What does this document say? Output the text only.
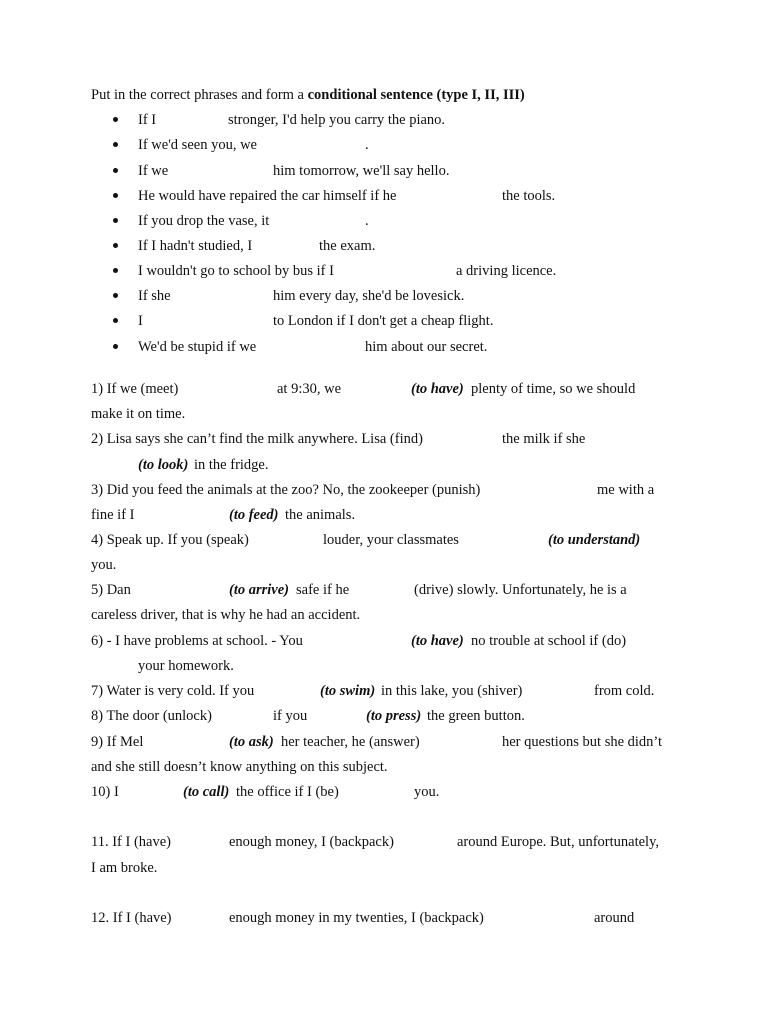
Put in the correct phrases and form a conditional sentence (type I, II, III)
If I	stronger, I'd help you carry the piano.
If we'd seen you, we	.
If we	him tomorrow, we'll say hello.
He would have repaired the car himself if he	the tools.
If you drop the vase, it	.
If I hadn't studied, I	the exam.
I wouldn't go to school by bus if I	a driving licence.
If she	him every day, she'd be lovesick.
I	to London if I don't get a cheap flight.
We'd be stupid if we	him about our secret.
1) If we (meet)	at 9:30, we	(to have) plenty of time, so we should
make it on time.
2) Lisa says she can’t find the milk anywhere. Lisa (find)	the milk if she
(to look) in the fridge.
3) Did you feed the animals at the zoo? No, the zookeeper (punish)	me with a
fine if I	(to feed) the animals.
4) Speak up. If you (speak)	louder, your classmates	(to understand)
you.
5) Dan	(to arrive) safe if he	(drive) slowly. Unfortunately, he is a
careless driver, that is why he had an accident.
6) - I have problems at school. - You	(to have) no trouble at school if (do)
your homework.
7) Water is very cold. If you	(to swim) in this lake, you (shiver)	from cold.
8) The door (unlock)	if you	(to press) the green button.
9) If Mel	(to ask) her teacher, he (answer)	her questions but she didn’t
and she still doesn’t know anything on this subject.
10) I	(to call) the office if I (be)	you.
11. If I (have)	enough money, I (backpack)	around Europe. But, unfortunately,
I am broke.
12. If I (have)	enough money in my twenties, I (backpack)	around
